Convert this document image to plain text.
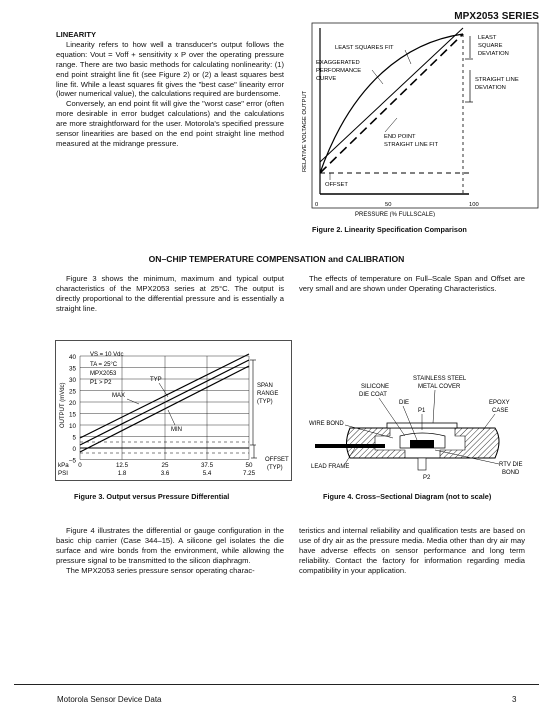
MPX2053 SERIES

LINEARITY

Linearity refers to how well a transducer's output follows the equation: Vout = Voff + sensitivity x P over the operating pressure range. There are two basic methods for calculating nonlinearity: (1) end point straight line fit (see Figure 2) or (2) a least squares best line fit. While a least squares fit gives the "best case" linearity error (lower numerical value), the calculations required are burdensome.

Conversely, an end point fit will give the "worst case" error (often more desirable in error budget calculations) and the calculations are more straightforward for the user. Motorola's specified pressure sensor linearities are based on the end point straight line method measured at the midrange pressure.	RELATIVE VOLTAGE OUTPUT
LEAST SQUARES FIT
EXAGGERATED
PERFORMANCE
CURVE
LEAST
SQUARE
DEVIATION
STRAIGHT LINE
DEVIATION
END POINT
STRAIGHT LINE FIT
OFFSET
0	50	100
PRESSURE (% FULLSCALE)
Figure 2. Linearity Specification Comparison
ON–CHIP TEMPERATURE COMPENSATION and CALIBRATION

Figure 3 shows the minimum, maximum and typical output characteristics of the MPX2053 series at 25°C. The output is directly proportional to the differential pressure and is essentially a straight line.

The effects of temperature on Full–Scale Span and Offset are very small and are shown under Operating Characteristics.

40
35
30
25
20
15
10
5
0
–5
OUTPUT (mVdc)
kPa
PSI
0	12.5	25	37.5	50
1.8	3.6	5.4	7.25
VS = 10 Vdc
TA = 25°C
MPX2053
P1 > P2	TYP
MAX
MIN
SPAN
RANGE
(TYP)
OFFSET
(TYP)
Figure 3. Output versus Pressure Differential
STAINLESS STEEL
METAL COVER
SILICONE
DIE COAT
DIE
P1
EPOXY
CASE
WIRE BOND
LEAD FRAME
P2
RTV DIE
BOND
Figure 4. Cross–Sectional Diagram (not to scale)

Figure 4 illustrates the differential or gauge configuration in the basic chip carrier (Case 344–15). A silicone gel isolates the die surface and wire bonds from the environment, while allowing the pressure signal to be transmitted to the silicon diaphragm.

The MPX2053 series pressure sensor operating charac-

teristics and internal reliability and qualification tests are based on use of dry air as the pressure media. Media other than dry air may have adverse effects on sensor performance and long term reliability. Contact the factory for information regarding media compatibility in your application.

Motorola Sensor Device Data	3
